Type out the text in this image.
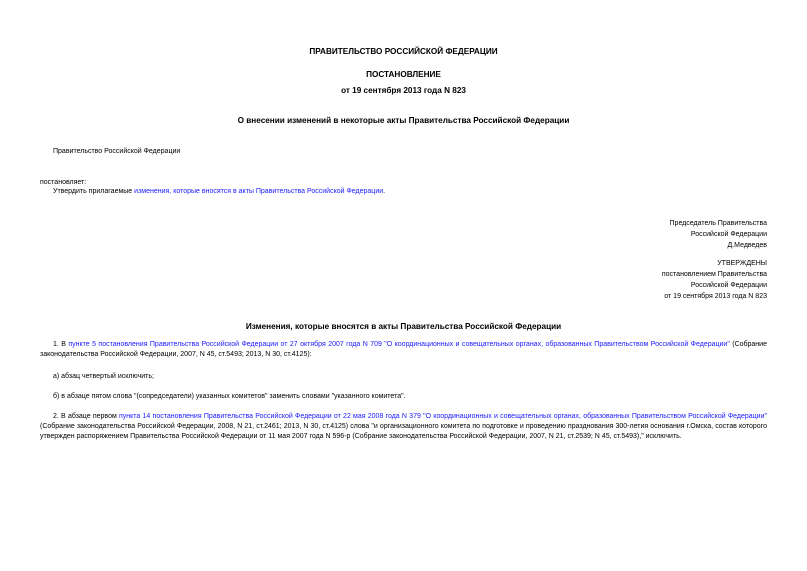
ПРАВИТЕЛЬСТВО РОССИЙСКОЙ ФЕДЕРАЦИИ
ПОСТАНОВЛЕНИЕ
от 19 сентября 2013 года N 823
О внесении изменений в некоторые акты Правительства Российской Федерации
Правительство Российской Федерации
постановляет:
Утвердить прилагаемые изменения, которые вносятся в акты Правительства Российской Федерации.
Председатель Правительства
Российской Федерации
Д.Медведев
УТВЕРЖДЕНЫ
постановлением Правительства
Российской Федерации
от 19 сентября 2013 года N 823
Изменения, которые вносятся в акты Правительства Российской Федерации
1. В пункте 5 постановления Правительства Российской Федерации от 27 октября 2007 года N 709 "О координационных и совещательных органах, образованных Правительством Российской Федерации" (Собрание законодательства Российской Федерации, 2007, N 45, ст.5493; 2013, N 30, ст.4125):
а) абзац четвертый исключить;
б) в абзаце пятом слова "(сопредседатели) указанных комитетов" заменить словами "указанного комитета".
2. В абзаце первом пункта 14 постановления Правительства Российской Федерации от 22 мая 2008 года N 379 "О координационных и совещательных органах, образованных Правительством Российской Федерации" (Собрание законодательства Российской Федерации, 2008, N 21, ст.2461; 2013, N 30, ст.4125) слова "и организационного комитета по подготовке и проведению празднования 300-летия основания г.Омска, состав которого утвержден распоряжением Правительства Российской Федерации от 11 мая 2007 года N 596-р (Собрание законодательства Российской Федерации, 2007, N 21, ст.2539; N 45, ст.5493)," исключить.
